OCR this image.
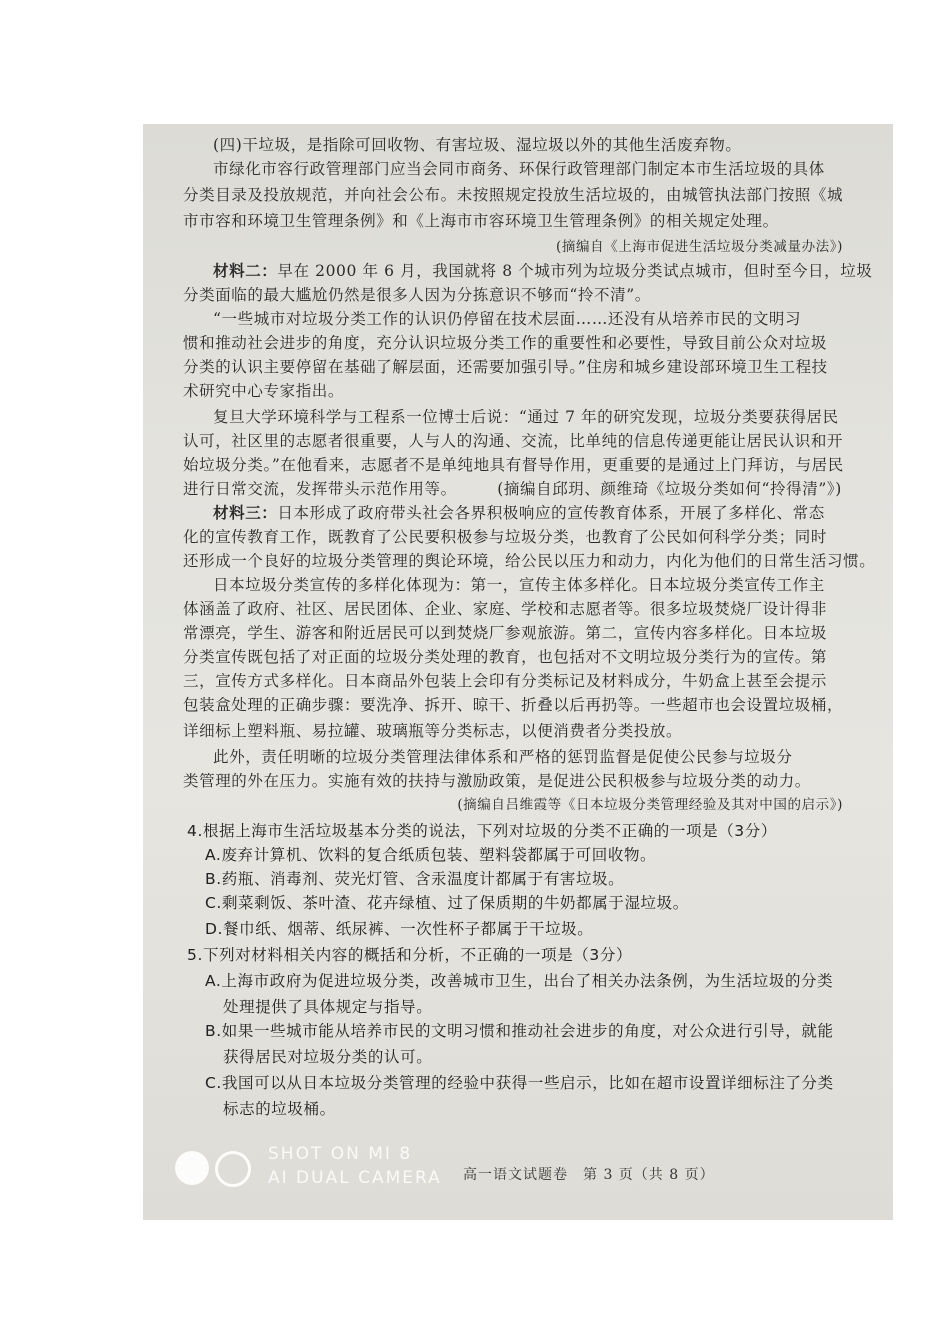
(四)干垃圾，是指除可回收物、有害垃圾、湿垃圾以外的其他生活废弃物。
市绿化市容行政管理部门应当会同市商务、环保行政管理部门制定本市生活垃圾的具体
分类目录及投放规范，并向社会公布。未按照规定投放生活垃圾的，由城管执法部门按照《城
市市容和环境卫生管理条例》和《上海市市容环境卫生管理条例》的相关规定处理。
(摘编自《上海市促进生活垃圾分类减量办法》)
材料二：早在 2000 年 6 月，我国就将 8 个城市列为垃圾分类试点城市，但时至今日，垃圾
分类面临的最大尴尬仍然是很多人因为分拣意识不够而“拎不清”。
“一些城市对垃圾分类工作的认识仍停留在技术层面……还没有从培养市民的文明习
惯和推动社会进步的角度，充分认识垃圾分类工作的重要性和必要性，导致目前公众对垃圾
分类的认识主要停留在基础了解层面，还需要加强引导。”住房和城乡建设部环境卫生工程技
术研究中心专家指出。
复旦大学环境科学与工程系一位博士后说：“通过 7 年的研究发现，垃圾分类要获得居民
认可，社区里的志愿者很重要，人与人的沟通、交流，比单纯的信息传递更能让居民认识和开
始垃圾分类。”在他看来，志愿者不是单纯地具有督导作用，更重要的是通过上门拜访，与居民
进行日常交流，发挥带头示范作用等。　　　(摘编自邱玥、颜维琦《垃圾分类如何“拎得清”》)
材料三：日本形成了政府带头社会各界积极响应的宣传教育体系，开展了多样化、常态
化的宣传教育工作，既教育了公民要积极参与垃圾分类，也教育了公民如何科学分类；同时
还形成一个良好的垃圾分类管理的舆论环境，给公民以压力和动力，内化为他们的日常生活习惯。
日本垃圾分类宣传的多样化体现为：第一，宣传主体多样化。日本垃圾分类宣传工作主
体涵盖了政府、社区、居民团体、企业、家庭、学校和志愿者等。很多垃圾焚烧厂设计得非
常漂亮，学生、游客和附近居民可以到焚烧厂参观旅游。第二，宣传内容多样化。日本垃圾
分类宣传既包括了对正面的垃圾分类处理的教育，也包括对不文明垃圾分类行为的宣传。第
三，宣传方式多样化。日本商品外包装上会印有分类标记及材料成分，牛奶盒上甚至会提示
包装盒处理的正确步骤：要洗净、拆开、晾干、折叠以后再扔等。一些超市也会设置垃圾桶，
详细标上塑料瓶、易拉罐、玻璃瓶等分类标志，以便消费者分类投放。
此外，责任明晰的垃圾分类管理法律体系和严格的惩罚监督是促使公民参与垃圾分
类管理的外在压力。实施有效的扶持与激励政策，是促进公民积极参与垃圾分类的动力。
(摘编自吕维霞等《日本垃圾分类管理经验及其对中国的启示》)
4.根据上海市生活垃圾基本分类的说法，下列对垃圾的分类不正确的一项是（3分）
A.废弃计算机、饮料的复合纸质包装、塑料袋都属于可回收物。
B.药瓶、消毒剂、荧光灯管、含汞温度计都属于有害垃圾。
C.剩菜剩饭、茶叶渣、花卉绿植、过了保质期的牛奶都属于湿垃圾。
D.餐巾纸、烟蒂、纸尿裤、一次性杯子都属于干垃圾。
5.下列对材料相关内容的概括和分析，不正确的一项是（3分）
A.上海市政府为促进垃圾分类，改善城市卫生，出台了相关办法条例，为生活垃圾的分类
处理提供了具体规定与指导。
B.如果一些城市能从培养市民的文明习惯和推动社会进步的角度，对公众进行引导，就能
获得居民对垃圾分类的认可。
C.我国可以从日本垃圾分类管理的经验中获得一些启示，比如在超市设置详细标注了分类
标志的垃圾桶。
高一语文试题卷　第 3 页（共 8 页）
SHOT ON MI 8
AI DUAL CAMERA
